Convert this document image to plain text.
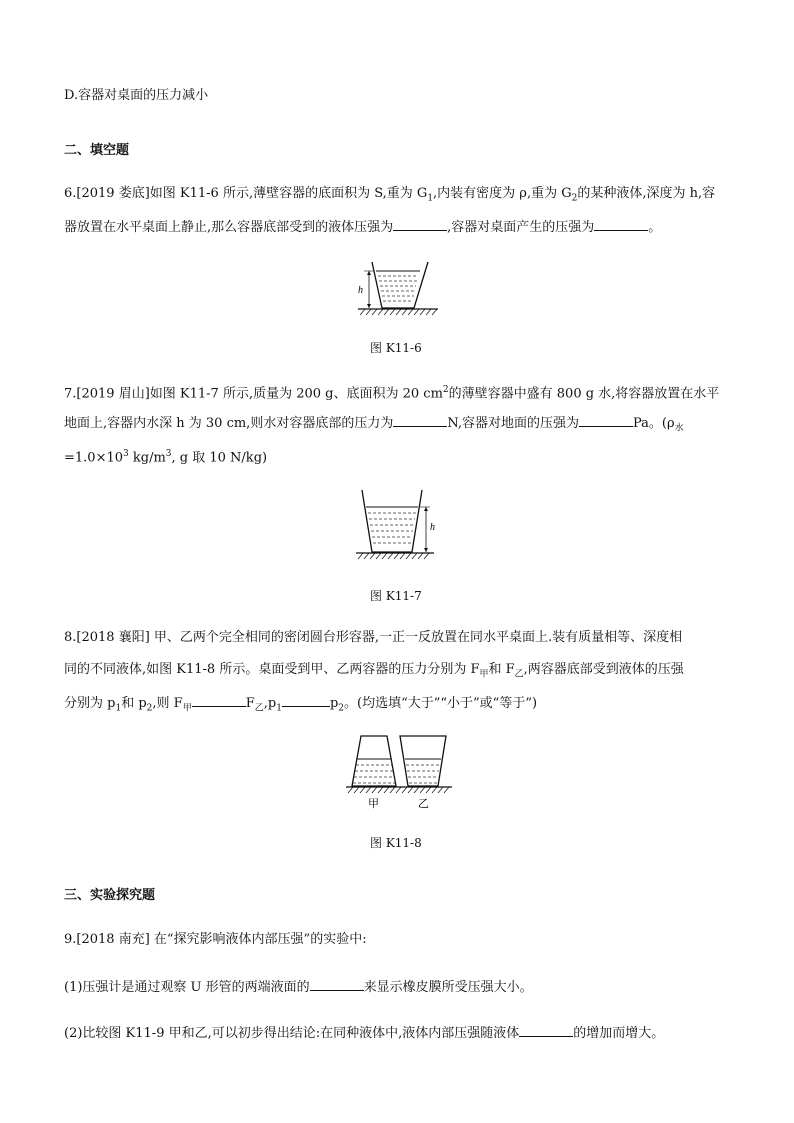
D.容器对桌面的压力减小
二、填空题
6.[2019 娄底]如图 K11-6 所示,薄壁容器的底面积为 S,重为 $G_1$,内装有密度为 ρ,重为 $G_2$的某种液体,深度为 h,容
器放置在水平桌面上静止,那么容器底部受到的液体压强为	,容器对桌面产生的压强为	。
h
图 K11-6
7.[2019 眉山]如图 K11-7 所示,质量为 200 g、底面积为 20 $cm^2$的薄壁容器中盛有 800 g 水,将容器放置在水平
地面上,容器内水深 h 为 30 cm,则水对容器底部的压力为	N,容器对地面的压强为	Pa。($\rho_水$
$=1.0\times 10^3$ $kg/m^3$, g 取 10 N/kg)
h
图 K11-7
8.[2018 襄阳] 甲、乙两个完全相同的密闭圆台形容器,一正一反放置在同水平桌面上.装有质量相等、深度相
同的不同液体,如图 K11-8 所示。桌面受到甲、乙两容器的压力分别为 $F_甲$和 $F_乙$,两容器底部受到液体的压强
分别为 $p_1$和 $p_2$,则 $F_甲$	$F_乙,p_1$	$p_2$。(均选填“大于”“小于”或“等于”)
甲	乙
图 K11-8
三、实验探究题
9.[2018 南充] 在“探究影响液体内部压强”的实验中:
(1)压强计是通过观察 U 形管的两端液面的	来显示橡皮膜所受压强大小。
(2)比较图 K11-9 甲和乙,可以初步得出结论:在同种液体中,液体内部压强随液体	的增加而增大。
